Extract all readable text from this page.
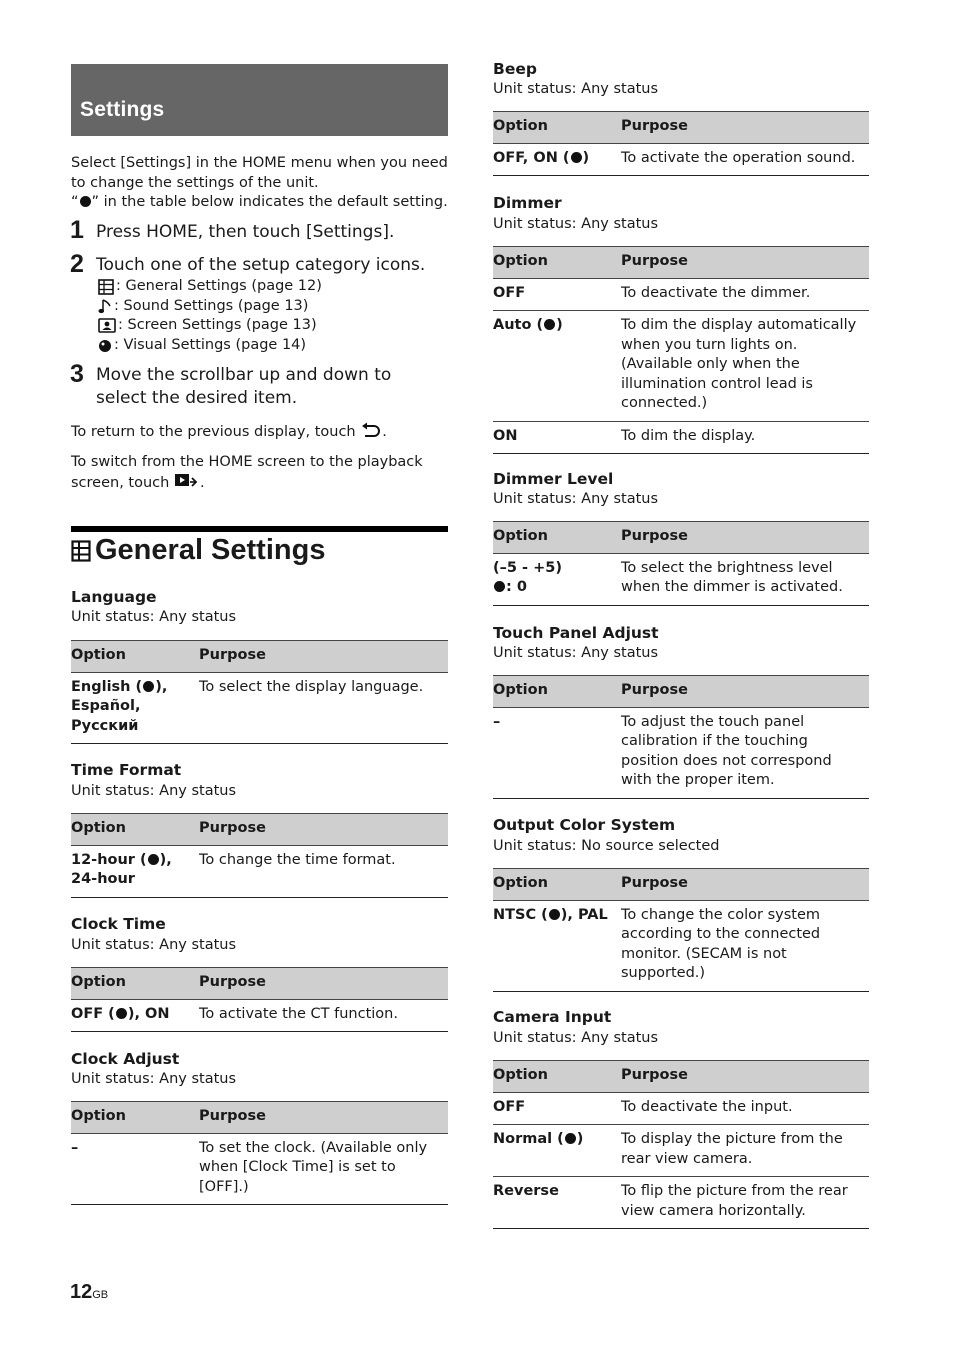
Settings
Select [Settings] in the HOME menu when you need to change the settings of the unit.
“ ” in the table below indicates the default setting.
1 Press HOME, then touch [Settings].
2 Touch one of the setup category icons.
: General Settings (page 12)
: Sound Settings (page 13)
: Screen Settings (page 13)
: Visual Settings (page 14)
3 Move the scrollbar up and down to select the desired item.
To return to the previous display, touch .
To switch from the HOME screen to the playback screen, touch .
General Settings
Language
Unit status: Any status
Option	Purpose
English ( ),
Español,
Русский	To select the display language.
Time Format
Unit status: Any status
Option	Purpose
12-hour ( ),
24-hour	To change the time format.
Clock Time
Unit status: Any status
Option	Purpose
OFF ( ), ON	To activate the CT function.
Clock Adjust
Unit status: Any status
Option	Purpose
–	To set the clock. (Available only when [Clock Time] is set to [OFF].)
12GB
Beep
Unit status: Any status
Option	Purpose
OFF, ON ( )	To activate the operation sound.
Dimmer
Unit status: Any status
Option	Purpose
OFF	To deactivate the dimmer.
Auto ( )	To dim the display automatically when you turn lights on. (Available only when the illumination control lead is connected.)
ON	To dim the display.
Dimmer Level
Unit status: Any status
Option	Purpose
(–5 - +5)
: 0	To select the brightness level when the dimmer is activated.
Touch Panel Adjust
Unit status: Any status
Option	Purpose
–	To adjust the touch panel calibration if the touching position does not correspond with the proper item.
Output Color System
Unit status: No source selected
Option	Purpose
NTSC ( ), PAL	To change the color system according to the connected monitor. (SECAM is not supported.)
Camera Input
Unit status: Any status
Option	Purpose
OFF	To deactivate the input.
Normal ( )	To display the picture from the rear view camera.
Reverse	To flip the picture from the rear view camera horizontally.
